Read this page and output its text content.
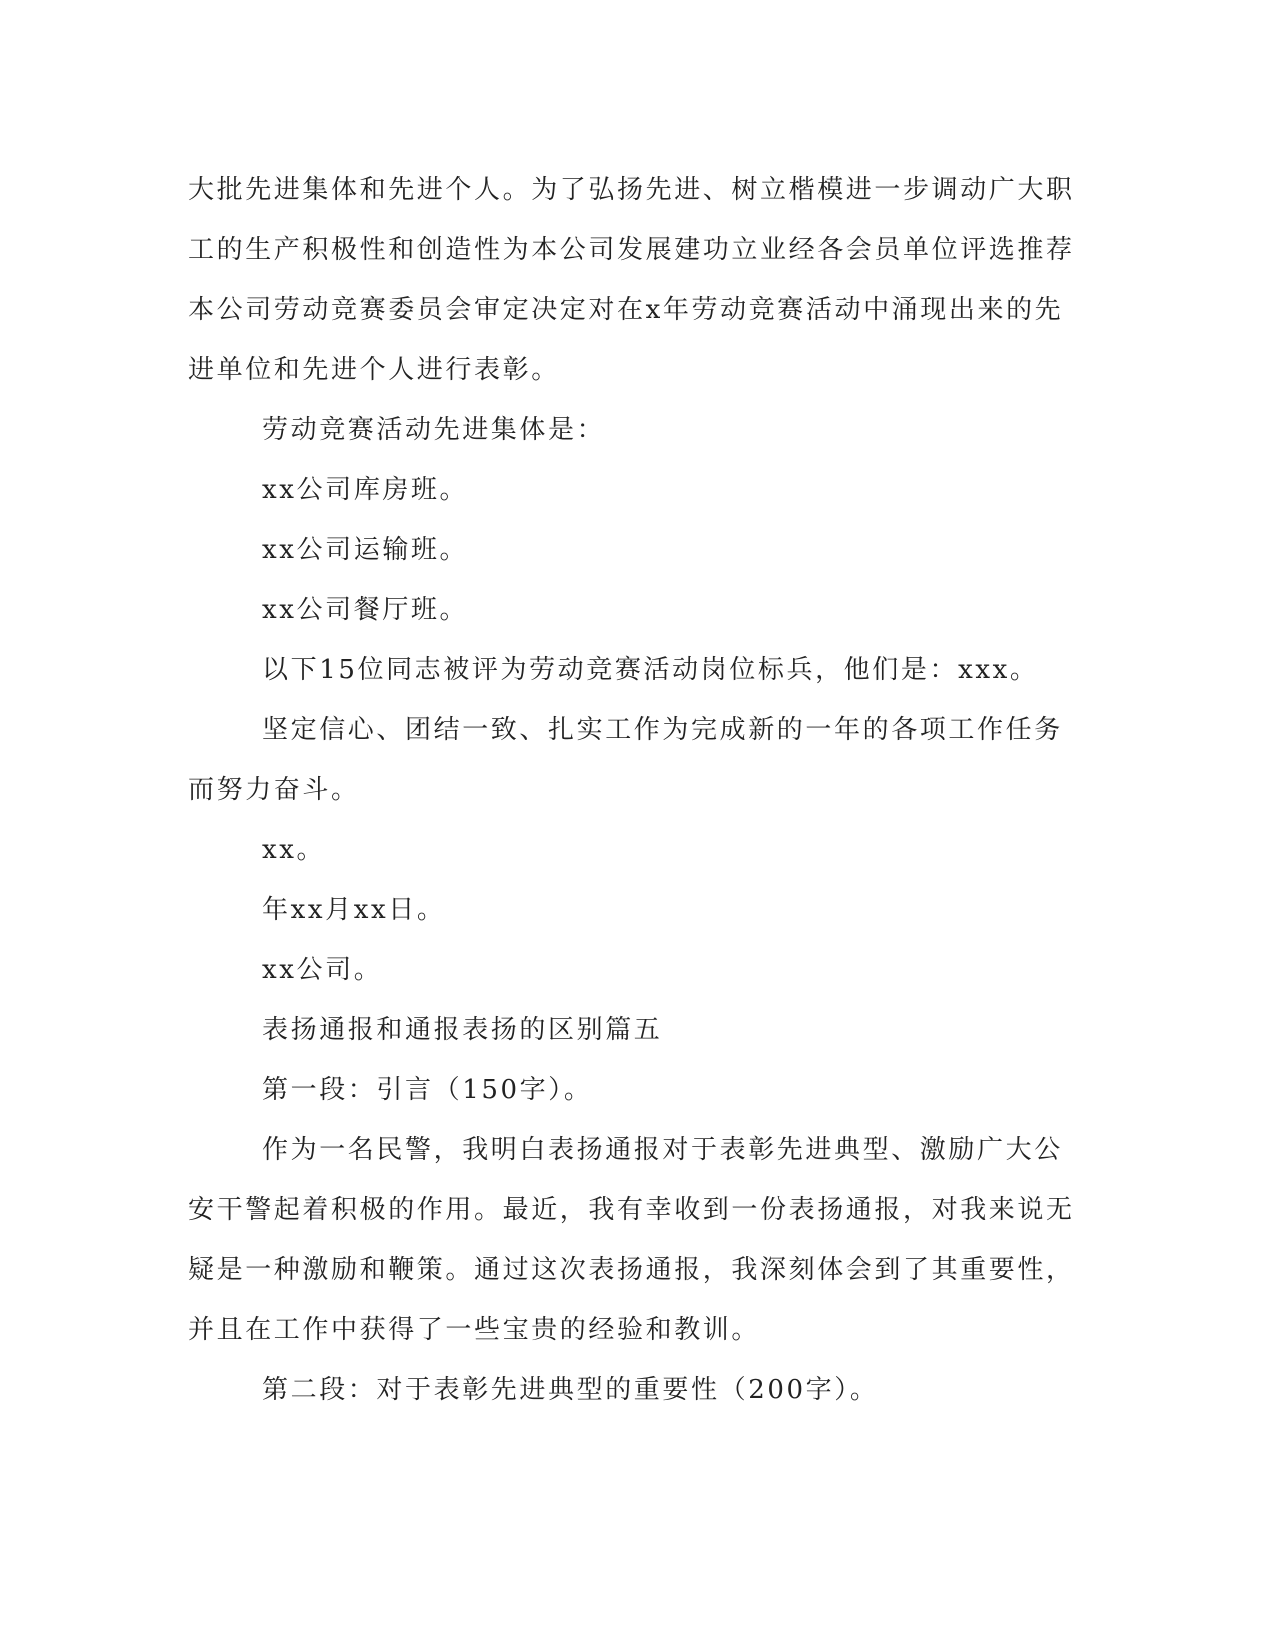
大批先进集体和先进个人。为了弘扬先进、树立楷模进一步调动广大职工的生产积极性和创造性为本公司发展建功立业经各会员单位评选推荐本公司劳动竞赛委员会审定决定对在x年劳动竞赛活动中涌现出来的先进单位和先进个人进行表彰。

劳动竞赛活动先进集体是：

xx公司库房班。

xx公司运输班。

xx公司餐厅班。

以下15位同志被评为劳动竞赛活动岗位标兵，他们是：xxx。

坚定信心、团结一致、扎实工作为完成新的一年的各项工作任务而努力奋斗。

xx。

年xx月xx日。

xx公司。

表扬通报和通报表扬的区别篇五

第一段：引言（150字）。

作为一名民警，我明白表扬通报对于表彰先进典型、激励广大公安干警起着积极的作用。最近，我有幸收到一份表扬通报，对我来说无疑是一种激励和鞭策。通过这次表扬通报，我深刻体会到了其重要性，并且在工作中获得了一些宝贵的经验和教训。

第二段：对于表彰先进典型的重要性（200字）。
